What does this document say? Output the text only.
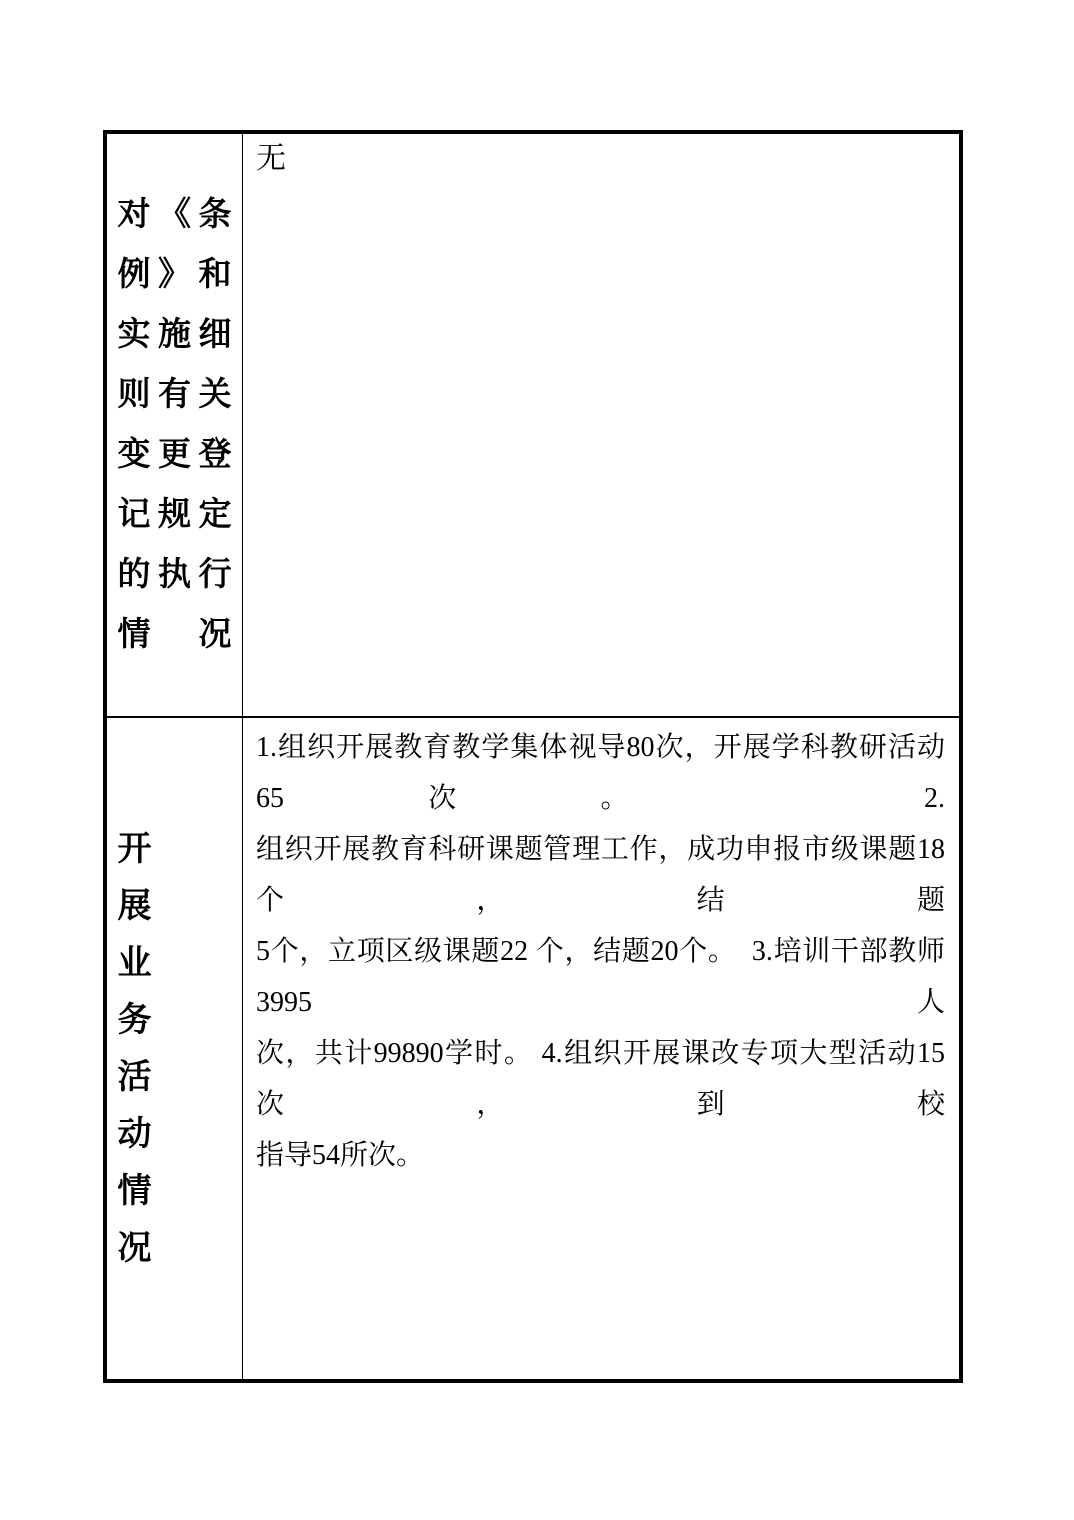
对《条
例》和
实施细
则有关
变更登
记规定
的执行
情　况
无
开
展
业
务
活
动
情
况
1.组织开展教育教学集体视导80次，开展学科教研活动65次。 2.
组织开展教育科研课题管理工作，成功申报市级课题18个，结题
5个，立项区级课题22 个，结题20个。  3.培训干部教师3995人
次，共计99890学时。 4.组织开展课改专项大型活动15次，到校
指导54所次。
